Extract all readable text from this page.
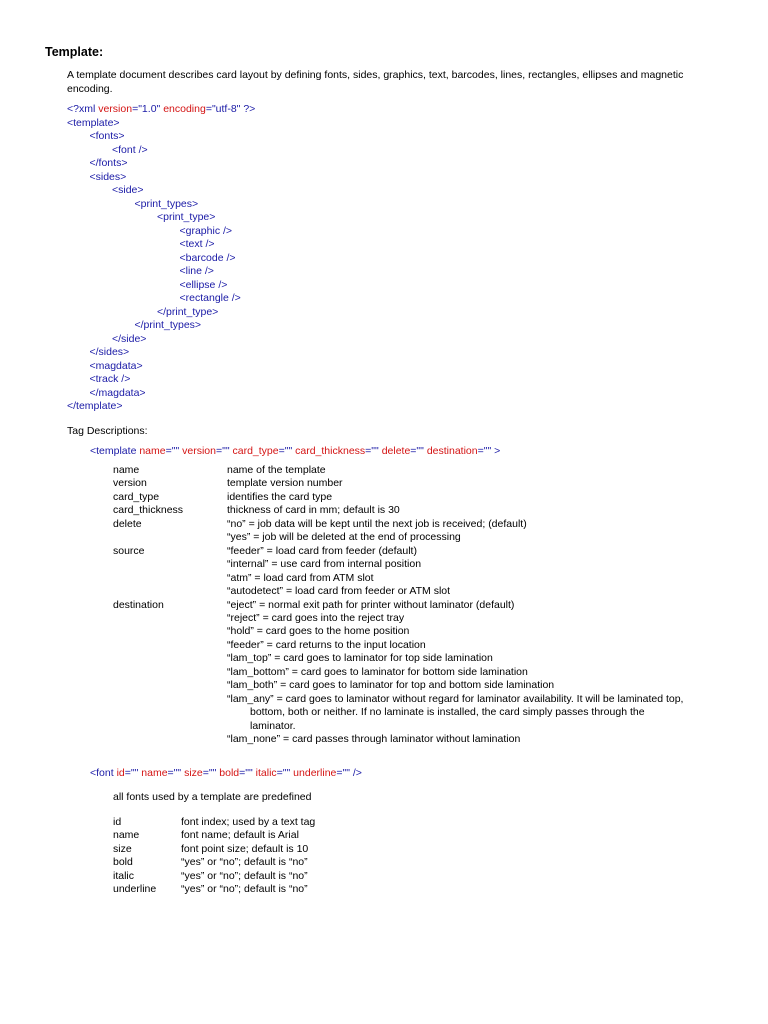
Template:
A template document describes card layout by defining fonts, sides, graphics, text, barcodes, lines, rectangles, ellipses and magnetic encoding.
<?xml version="1.0" encoding="utf-8" ?>
<template>
<fonts>
<font />
</fonts>
<sides>
<side>
<print_types>
<print_type>
<graphic />
<text />
<barcode />
<line />
<ellipse />
<rectangle />
</print_type>
</print_types>
</side>
</sides>
<magdata>
<track />
</magdata>
</template>
Tag Descriptions:
<template name="" version="" card_type="" card_thickness="" delete="" destination="" >
name	name of the template
version	template version number
card_type	identifies the card type
card_thickness	thickness of card in mm; default is 30
delete	“no” = job data will be kept until the next job is received; (default)
“yes” = job will be deleted at the end of processing
source	“feeder” = load card from feeder (default)
“internal” = use card from internal position
“atm” = load card from ATM slot
“autodetect” = load card from feeder or ATM slot
destination	“eject” = normal exit path for printer without laminator (default)
“reject” = card goes into the reject tray
“hold” = card goes to the home position
“feeder” = card returns to the input location
“lam_top” = card goes to laminator for top side lamination
“lam_bottom” = card goes to laminator for bottom side lamination
“lam_both” = card goes to laminator for top and bottom side lamination
“lam_any” = card goes to laminator without regard for laminator availability. It will be laminated top,
bottom, both or neither. If no laminate is installed, the card simply passes through the
laminator.
“lam_none” = card passes through laminator without lamination
<font id="" name="" size="" bold="" italic="" underline="" />
all fonts used by a template are predefined
id	font index; used by a text tag
name	font name; default is Arial
size	font point size; default is 10
bold	“yes” or “no”; default is “no”
italic	“yes” or “no”; default is “no”
underline “yes” or “no”; default is “no”
